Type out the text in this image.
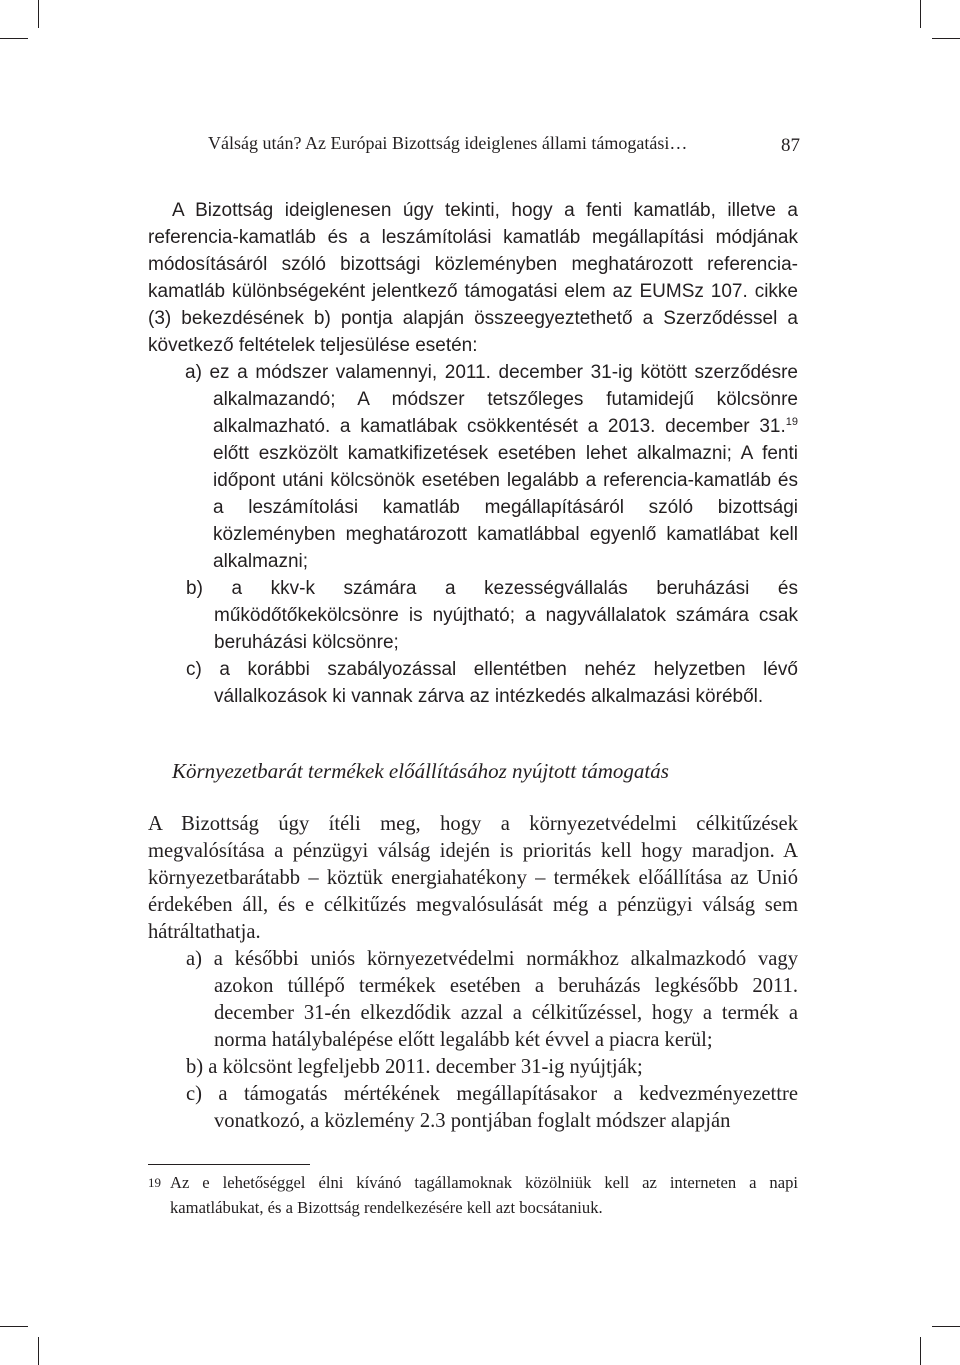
Válság után? Az Európai Bizottság ideiglenes állami támogatási…	87

A Bizottság ideiglenesen úgy tekinti, hogy a fenti kamatláb, illetve a referencia-kamatláb és a leszámítolási kamatláb megállapítási módjának módosításáról szóló bizottsági közleményben meghatározott referencia-kamatláb különbségeként jelentkező támogatási elem az EUMSz 107. cikke (3) bekezdésének b) pontja alapján összeegyeztethető a Szerződéssel a következő feltételek teljesülése esetén:

a) ez a módszer valamennyi, 2011. december 31-ig kötött szerződésre alkalmazandó; A módszer tetszőleges futamidejű kölcsönre alkalmazható. a kamatlábak csökkentését a 2013. december 31.19 előtt eszközölt kamatkifizetések esetében lehet alkalmazni; A fenti időpont utáni kölcsönök esetében legalább a referencia-kamatláb és a leszámítolási kamatláb megállapításáról szóló bizottsági közleményben meghatározott kamatlábbal egyenlő kamatlábat kell alkalmazni;

b) a kkv-k számára a kezességvállalás beruházási és működőtőkekölcsönre is nyújtható; a nagyvállalatok számára csak beruházási kölcsönre;

c) a korábbi szabályozással ellentétben nehéz helyzetben lévő vállalkozások ki vannak zárva az intézkedés alkalmazási köréből.

Környezetbarát termékek előállításához nyújtott támogatás

A Bizottság úgy ítéli meg, hogy a környezetvédelmi célkitűzések megvalósítása a pénzügyi válság idején is prioritás kell hogy maradjon. A környezetbarátabb – köztük energiahatékony – termékek előállítása az Unió érdekében áll, és e célkitűzés megvalósulását még a pénzügyi válság sem hátráltathatja.

a) a későbbi uniós környezetvédelmi normákhoz alkalmazkodó vagy azokon túllépő termékek esetében a beruházás legkésőbb 2011. december 31-én elkezdődik azzal a célkitűzéssel, hogy a termék a norma hatálybalépése előtt legalább két évvel a piacra kerül;

b) a kölcsönt legfeljebb 2011. december 31-ig nyújtják;

c) a támogatás mértékének megállapításakor a kedvezményezettre vonatkozó, a közlemény 2.3 pontjában foglalt módszer alapján

19 Az e lehetőséggel élni kívánó tagállamoknak közölniük kell az interneten a napi kamatlábukat, és a Bizottság rendelkezésére kell azt bocsátaniuk.
